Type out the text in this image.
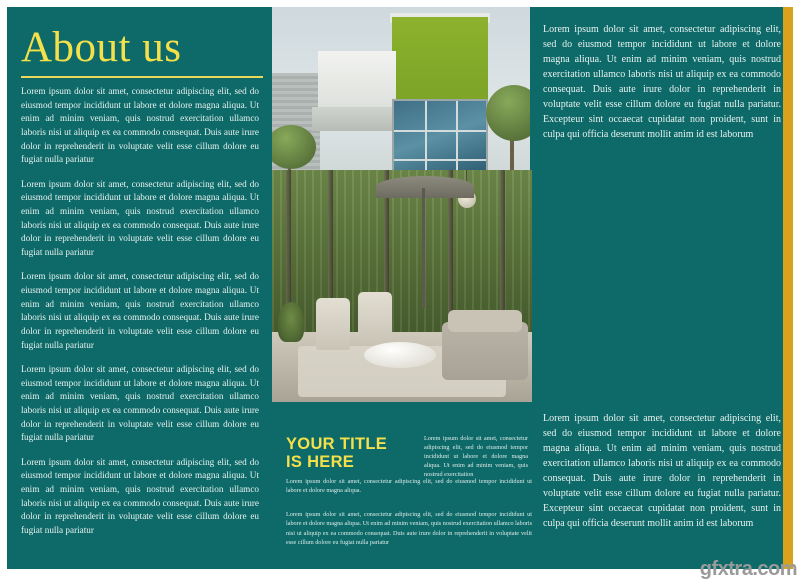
About us

Lorem ipsum dolor sit amet, consectetur adipiscing elit, sed do eiusmod tempor incididunt ut labore et dolore magna aliqua. Ut enim ad minim veniam, quis nostrud exercitation ullamco laboris nisi ut aliquip ex ea commodo consequat. Duis aute irure dolor in reprehenderit in voluptate velit esse cillum dolore eu fugiat nulla pariatur

Lorem ipsum dolor sit amet, consectetur adipiscing elit, sed do eiusmod tempor incididunt ut labore et dolore magna aliqua. Ut enim ad minim veniam, quis nostrud exercitation ullamco laboris nisi ut aliquip ex ea commodo consequat. Duis aute irure dolor in reprehenderit in voluptate velit esse cillum dolore eu fugiat nulla pariatur

Lorem ipsum dolor sit amet, consectetur adipiscing elit, sed do eiusmod tempor incididunt ut labore et dolore magna aliqua. Ut enim ad minim veniam, quis nostrud exercitation ullamco laboris nisi ut aliquip ex ea commodo consequat. Duis aute irure dolor in reprehenderit in voluptate velit esse cillum dolore eu fugiat nulla pariatur

Lorem ipsum dolor sit amet, consectetur adipiscing elit, sed do eiusmod tempor incididunt ut labore et dolore magna aliqua. Ut enim ad minim veniam, quis nostrud exercitation ullamco laboris nisi ut aliquip ex ea commodo consequat. Duis aute irure dolor in reprehenderit in voluptate velit esse cillum dolore eu fugiat nulla pariatur

Lorem ipsum dolor sit amet, consectetur adipiscing elit, sed do eiusmod tempor incididunt ut labore et dolore magna aliqua. Ut enim ad minim veniam, quis nostrud exercitation ullamco laboris nisi ut aliquip ex ea commodo consequat. Duis aute irure dolor in reprehenderit in voluptate velit esse cillum dolore eu fugiat nulla pariatur

YOUR TITLE
IS HERE

Lorem ipsum dolor sit amet, consectetur adipiscing elit, sed do eiusmod tempor incididunt ut labore et dolore magna aliqua. Ut enim ad minim veniam, quis nostrud exercitation

Lorem ipsum dolor sit amet, consectetur adipiscing elit, sed do eiusmod tempor incididunt ut labore et dolore magna aliqua.

Lorem ipsum dolor sit amet, consectetur adipiscing elit, sed do eiusmod tempor incididunt ut labore et dolore magna aliqua. Ut enim ad minim veniam, quis nostrud exercitation ullamco laboris nisi ut aliquip ex ea commodo consequat. Duis aute irure dolor in reprehenderit in voluptate velit esse cillum dolore eu fugiat nulla pariatur

Lorem ipsum dolor sit amet, consectetur adipiscing elit, sed do eiusmod tempor incididunt ut labore et dolore magna aliqua. Ut enim ad minim veniam, quis nostrud exercitation ullamco laboris nisi ut aliquip ex ea commodo consequat. Duis aute irure dolor in reprehenderit in voluptate velit esse cillum dolore eu fugiat nulla pariatur. Excepteur sint occaecat cupidatat non proident, sunt in culpa qui officia deserunt mollit anim id est laborum

Lorem ipsum dolor sit amet, consectetur adipiscing elit, sed do eiusmod tempor incididunt ut labore et dolore magna aliqua. Ut enim ad minim veniam, quis nostrud exercitation ullamco laboris nisi ut aliquip ex ea commodo consequat. Duis aute irure dolor in reprehenderit in voluptate velit esse cillum dolore eu fugiat nulla pariatur. Excepteur sint occaecat cupidatat non proident, sunt in culpa qui officia deserunt mollit anim id est laborum

gfxtra.com
